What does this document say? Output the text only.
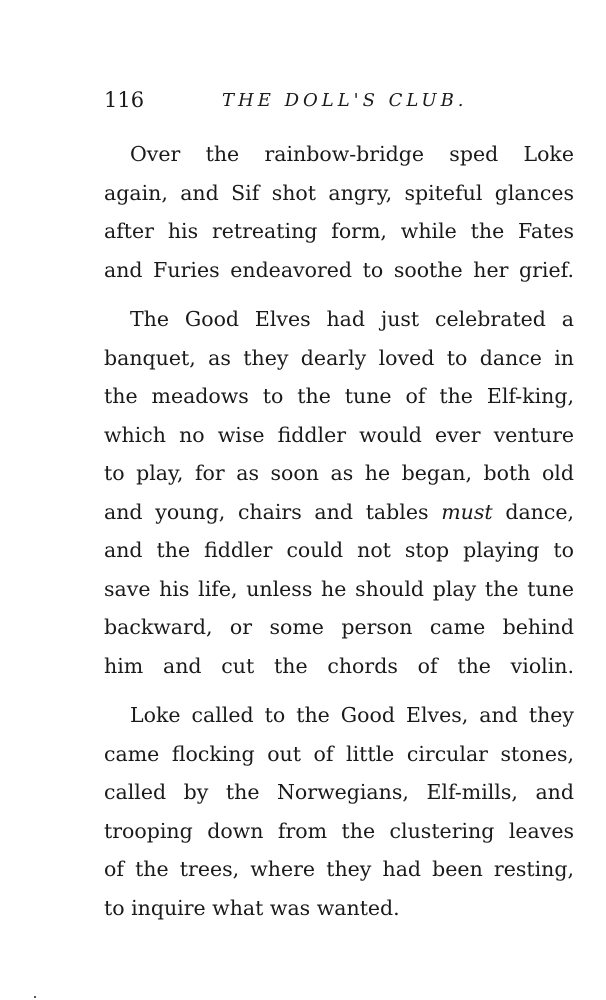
116	THE DOLL'S CLUB.
Over the rainbow-bridge sped Loke
again, and Sif shot angry, spiteful glances
after his retreating form, while the Fates
and Furies endeavored to soothe her grief.
The Good Elves had just celebrated a
banquet, as they dearly loved to dance in
the meadows to the tune of the Elf-king,
which no wise fiddler would ever venture
to play, for as soon as he began, both old
and young, chairs and tables must dance,
and the fiddler could not stop playing to
save his life, unless he should play the tune
backward, or some person came behind
him and cut the chords of the violin.
Loke called to the Good Elves, and they
came flocking out of little circular stones,
called by the Norwegians, Elf-mills, and
trooping down from the clustering leaves
of the trees, where they had been resting,
to inquire what was wanted.
